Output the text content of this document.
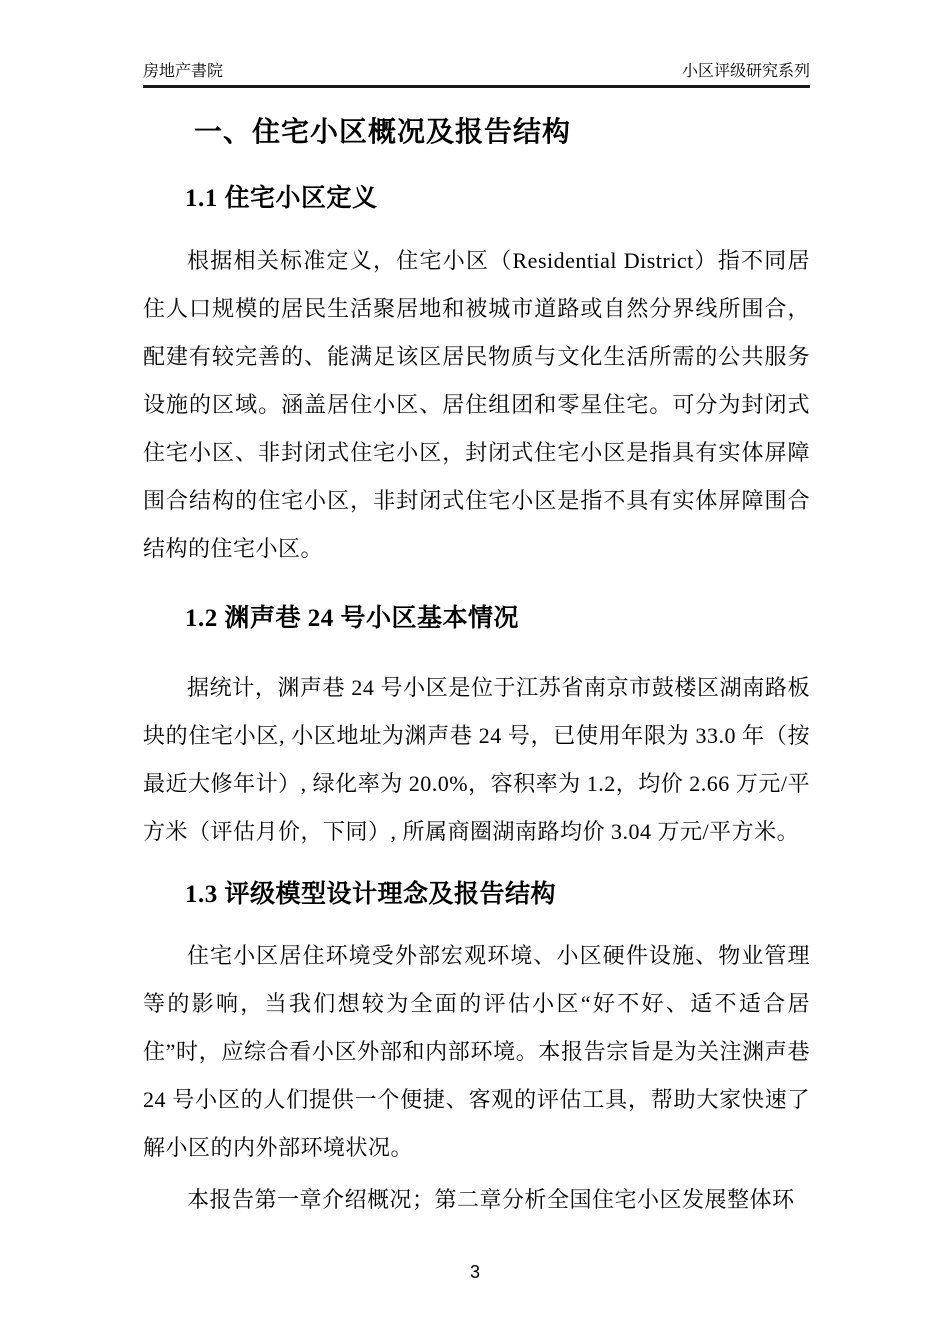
房地产書院	小区评级研究系列
一、住宅小区概况及报告结构
1.1 住宅小区定义

根据相关标准定义，住宅小区（Residential District）指不同居住人口规模的居民生活聚居地和被城市道路或自然分界线所围合，配建有较完善的、能满足该区居民物质与文化生活所需的公共服务设施的区域。涵盖居住小区、居住组团和零星住宅。可分为封闭式住宅小区、非封闭式住宅小区，封闭式住宅小区是指具有实体屏障围合结构的住宅小区，非封闭式住宅小区是指不具有实体屏障围合结构的住宅小区。

1.2 渊声巷 24 号小区基本情况

据统计，渊声巷 24 号小区是位于江苏省南京市鼓楼区湖南路板块的住宅小区, 小区地址为渊声巷 24 号，已使用年限为 33.0 年（按最近大修年计）, 绿化率为 20.0%，容积率为 1.2，均价 2.66 万元/平方米（评估月价，下同）, 所属商圈湖南路均价 3.04 万元/平方米。

1.3 评级模型设计理念及报告结构

住宅小区居住环境受外部宏观环境、小区硬件设施、物业管理等的影响，当我们想较为全面的评估小区“好不好、适不适合居住”时，应综合看小区外部和内部环境。本报告宗旨是为关注渊声巷 24 号小区的人们提供一个便捷、客观的评估工具，帮助大家快速了解小区的内外部环境状况。

本报告第一章介绍概况；第二章分析全国住宅小区发展整体环

3
